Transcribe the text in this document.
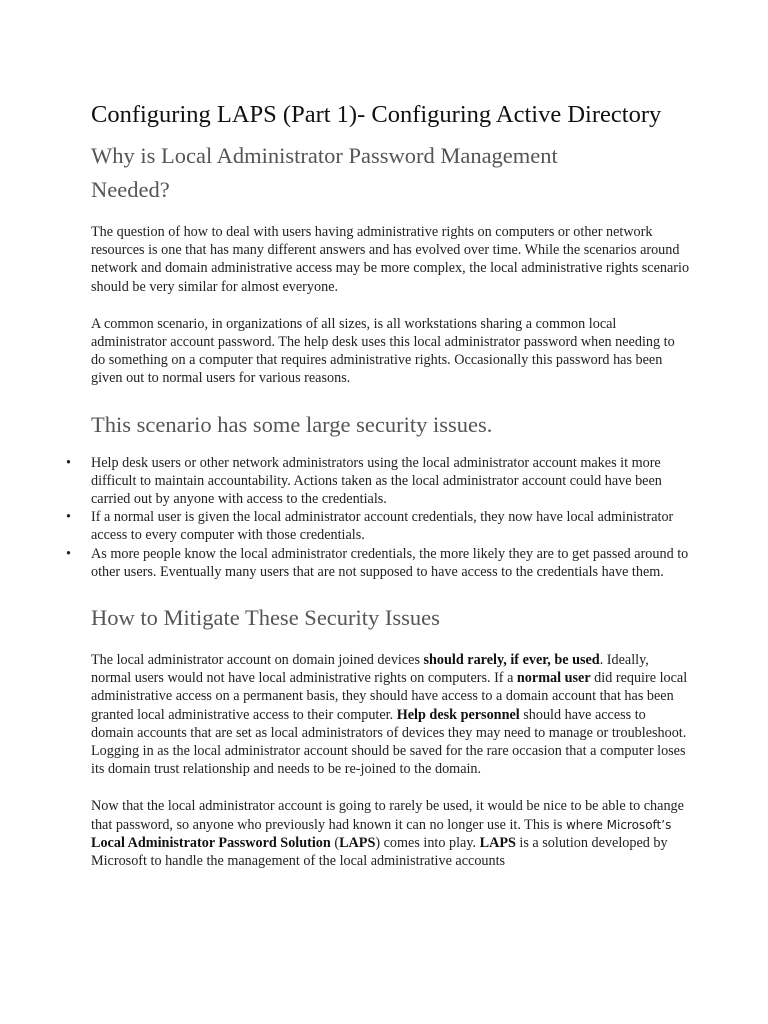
Configuring LAPS (Part 1)- Configuring Active Directory
Why is Local Administrator Password Management Needed?

The question of how to deal with users having administrative rights on computers or other network resources is one that has many different answers and has evolved over time. While the scenarios around network and domain administrative access may be more complex, the local administrative rights scenario should be very similar for almost everyone.

A common scenario, in organizations of all sizes, is all workstations sharing a common local administrator account password. The help desk uses this local administrator password when needing to do something on a computer that requires administrative rights. Occasionally this password has been given out to normal users for various reasons.

This scenario has some large security issues.
• Help desk users or other network administrators using the local administrator account makes it more difficult to maintain accountability. Actions taken as the local administrator account could have been carried out by anyone with access to the credentials.
• If a normal user is given the local administrator account credentials, they now have local administrator access to every computer with those credentials.
• As more people know the local administrator credentials, the more likely they are to get passed around to other users. Eventually many users that are not supposed to have access to the credentials have them.
How to Mitigate These Security Issues

The local administrator account on domain joined devices should rarely, if ever, be used. Ideally, normal users would not have local administrative rights on computers. If a normal user did require local administrative access on a permanent basis, they should have access to a domain account that has been granted local administrative access to their computer. Help desk personnel should have access to domain accounts that are set as local administrators of devices they may need to manage or troubleshoot. Logging in as the local administrator account should be saved for the rare occasion that a computer loses its domain trust relationship and needs to be re-joined to the domain.

Now that the local administrator account is going to rarely be used, it would be nice to be able to change that password, so anyone who previously had known it can no longer use it. This is where Microsoft’s Local Administrator Password Solution (LAPS) comes into play. LAPS is a solution developed by Microsoft to handle the management of the local administrative accounts
